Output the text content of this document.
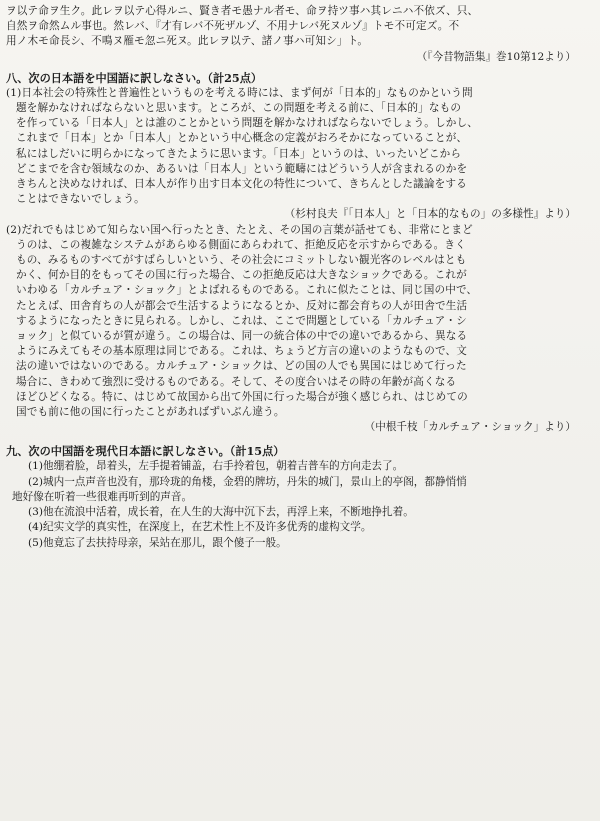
ヲ以テ命ヲ生ク。此レヲ以テ心得ルニ、賢き者モ愚ナル者モ、命ヲ持ツ事ハ其レニハ不依ズ、只、
自然ヲ命然ムル事也。然レバ、『才有レバ不死ザルゾ、不用ナレバ死ヌルゾ』トモ不可定ズ。不
用ノ木モ命長シ、不鳴ヌ雁モ忽ニ死ヌ。此レヲ以テ、諸ノ事ハ可知シ」ト。
（『今昔物語集』巻10第12より）
八、次の日本語を中国語に訳しなさい。（計25点）
(1)日本社会の特殊性と普遍性というものを考える時には、まず何が「日本的」なものかという問
題を解かなければならないと思います。ところが、この問題を考える前に、「日本的」なもの
を作っている「日本人」とは誰のことかという問題を解かなければならないでしょう。しかし、
これまで「日本」とか「日本人」とかという中心概念の定義がおろそかになっていることが、
私にはしだいに明らかになってきたように思います。「日本」というのは、いったいどこから
どこまでを含む領域なのか、あるいは「日本人」という範疇にはどういう人が含まれるのかを
きちんと決めなければ、日本人が作り出す日本文化の特性について、きちんとした議論をする
ことはできないでしょう。
（杉村良夫『「日本人」と「日本的なもの」の多様性』より）
(2)だれでもはじめて知らない国へ行ったとき、たとえ、その国の言葉が話せても、非常にとまど
うのは、この複雑なシステムがあらゆる側面にあらわれて、拒絶反応を示すからである。きく
もの、みるものすべてがすばらしいという、その社会にコミットしない観光客のレベルはとも
かく、何か目的をもってその国に行った場合、この拒絶反応は大きなショックである。これが
いわゆる「カルチュア・ショック」とよばれるものである。これに似たことは、同じ国の中で、
たとえば、田舎育ちの人が都会で生活するようになるとか、反対に都会育ちの人が田舎で生活
するようになったときに見られる。しかし、これは、ここで問題としている「カルチュア・シ
ョック」と似ているが質が違う。この場合は、同一の統合体の中での違いであるから、異なる
ようにみえてもその基本原理は同じである。これは、ちょうど方言の違いのようなもので、文
法の違いではないのである。カルチュア・ショックは、どの国の人でも異国にはじめて行った
場合に、きわめて強烈に受けるものである。そして、その度合いはその時の年齢が高くなる
ほどひどくなる。特に、はじめて故国から出て外国に行った場合が強く感じられ、はじめての
国でも前に他の国に行ったことがあればずいぶん違う。
（中根千枝「カルチュア・ショック」より）
九、次の中国語を現代日本語に訳しなさい。（計15点）
(1)他绷着脸，昂着头，左手提着铺盖，右手拎着包，朝着吉普车的方向走去了。
(2)城内一点声音也没有，那玲珑的角楼，金碧的牌坊，丹朱的城门，景山上的亭阁，都静悄悄
地好像在听着一些很难再听到的声音。
(3)他在流浪中活着，成长着，在人生的大海中沉下去，再浮上来，不断地挣扎着。
(4)纪实文学的真实性，在深度上，在艺术性上不及许多优秀的虚构文学。
(5)他竟忘了去扶持母亲，呆站在那儿，跟个傻子一般。
